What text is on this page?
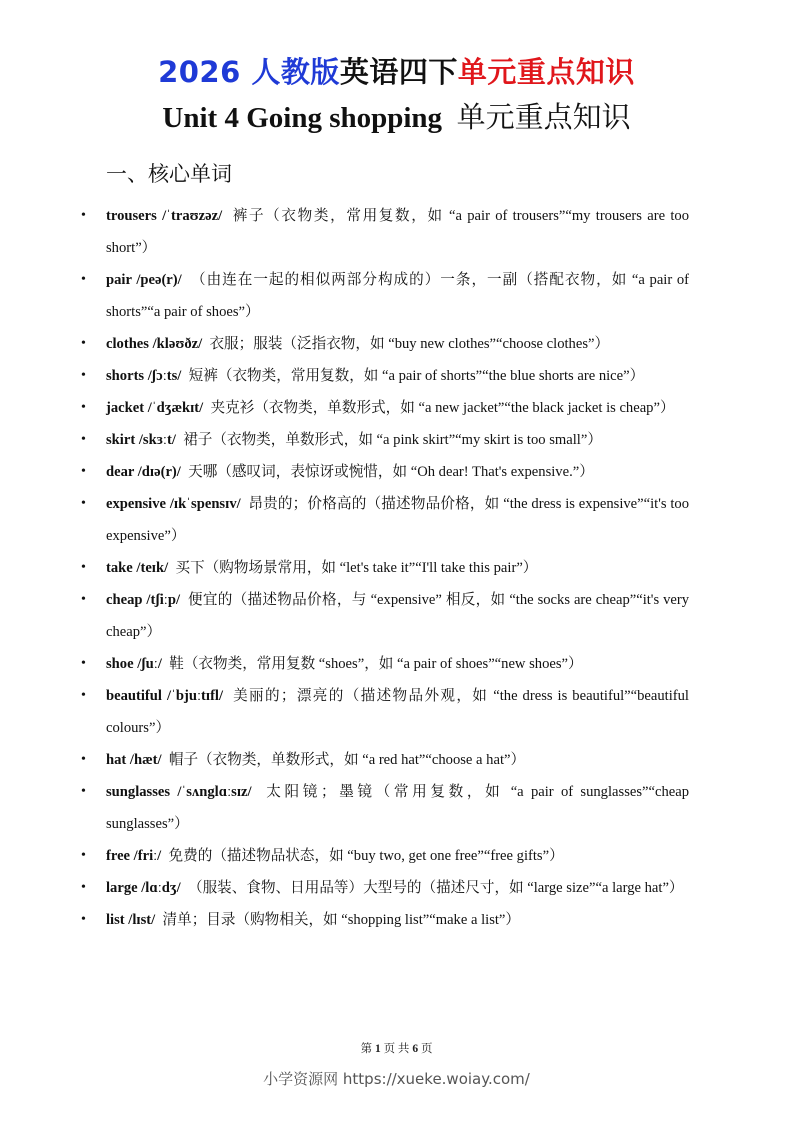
2026 人教版英语四下单元重点知识
Unit 4 Going shopping 单元重点知识
一、核心单词
• trousers /ˈtraʊzəz/ 裤子（衣物类，常用复数，如 “a pair of trousers”“my trousers are too short”）
• pair /peə(r)/ （由连在一起的相似两部分构成的）一条，一副（搭配衣物，如 “a pair of shorts”“a pair of shoes”）
• clothes /kləʊðz/ 衣服；服装（泛指衣物，如 “buy new clothes”“choose clothes”）
• shorts /ʃɔːts/ 短裤（衣物类，常用复数，如 “a pair of shorts”“the blue shorts are nice”）
• jacket /ˈdʒækɪt/ 夹克衫（衣物类，单数形式，如 “a new jacket”“the black jacket is cheap”）
• skirt /skɜːt/ 裙子（衣物类，单数形式，如 “a pink skirt”“my skirt is too small”）
• dear /dɪə(r)/ 天哪（感叹词，表惊讶或惋惜，如 “Oh dear! That's expensive.”）
• expensive /ɪkˈspensɪv/ 昂贵的；价格高的（描述物品价格，如 “the dress is expensive”“it's too expensive”）
• take /teɪk/ 买下（购物场景常用，如 “let's take it”“I'll take this pair”）
• cheap /tʃiːp/ 便宜的（描述物品价格，与 “expensive” 相反，如 “the socks are cheap”“it's very cheap”）
• shoe /ʃuː/ 鞋（衣物类，常用复数 “shoes”，如 “a pair of shoes”“new shoes”）
• beautiful /ˈbjuːtɪfl/ 美丽的；漂亮的（描述物品外观，如 “the dress is beautiful”“beautiful colours”）
• hat /hæt/ 帽子（衣物类，单数形式，如 “a red hat”“choose a hat”）
• sunglasses /ˈsʌnglɑːsɪz/ 太阳镜；墨镜（常用复数，如 “a pair of sunglasses”“cheap sunglasses”）
• free /friː/ 免费的（描述物品状态，如 “buy two, get one free”“free gifts”）
• large /lɑːdʒ/ （服装、食物、日用品等）大型号的（描述尺寸，如 “large size”“a large hat”）
• list /lɪst/ 清单；目录（购物相关，如 “shopping list”“make a list”）
第 1 页 共 6 页
小学资源网 https://xueke.woiay.com/
